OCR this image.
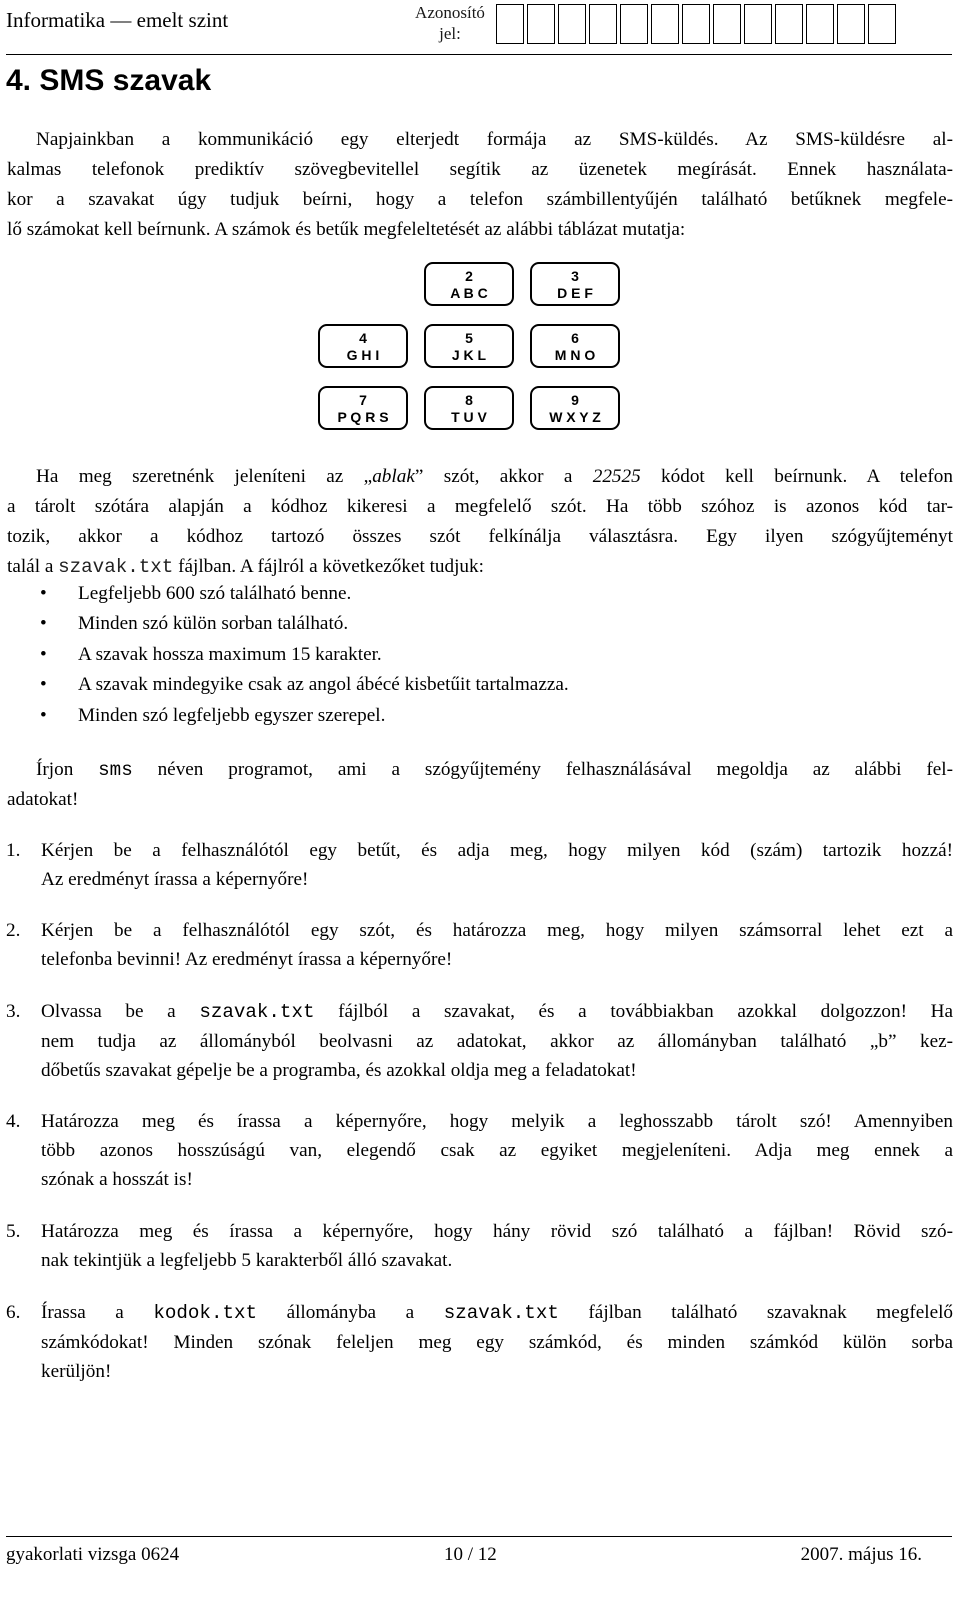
Informatika — emelt szint	Azonosító
jel:
4. SMS szavak
Napjainkban a kommunikáció egy elterjedt formája az SMS-küldés. Az SMS-küldésre al-
kalmas telefonok prediktív szövegbevitellel segítik az üzenetek megírását. Ennek használata-
kor a szavakat úgy tudjuk beírni, hogy a telefon számbillentyűjén található betűknek megfele-
lő számokat kell beírnunk. A számok és betűk megfeleltetését az alábbi táblázat mutatja:
2
A B C
3
D E F
4
G H I
5
J K L
6
M N O
7
P Q R S
8
T U V
9
W X Y Z
Ha meg szeretnénk jeleníteni az „ablak” szót, akkor a 22525 kódot kell beírnunk. A telefon
a tárolt szótára alapján a kódhoz kikeresi a megfelelő szót. Ha több szóhoz is azonos kód tar-
tozik, akkor a kódhoz tartozó összes szót felkínálja választásra. Egy ilyen szógyűjteményt
talál a szavak.txt fájlban. A fájlról a következőket tudjuk:
• Legfeljebb 600 szó található benne.
• Minden szó külön sorban található.
• A szavak hossza maximum 15 karakter.
• A szavak mindegyike csak az angol ábécé kisbetűit tartalmazza.
• Minden szó legfeljebb egyszer szerepel.
Írjon sms néven programot, ami a szógyűjtemény felhasználásával megoldja az alábbi fel-
adatokat!
1. Kérjen be a felhasználótól egy betűt, és adja meg, hogy milyen kód (szám) tartozik hozzá!
Az eredményt írassa a képernyőre!
2. Kérjen be a felhasználótól egy szót, és határozza meg, hogy milyen számsorral lehet ezt a
telefonba bevinni! Az eredményt írassa a képernyőre!
3. Olvassa be a szavak.txt fájlból a szavakat, és a továbbiakban azokkal dolgozzon! Ha
nem tudja az állományból beolvasni az adatokat, akkor az állományban található „b” kez-
dőbetűs szavakat gépelje be a programba, és azokkal oldja meg a feladatokat!
4. Határozza meg és írassa a képernyőre, hogy melyik a leghosszabb tárolt szó! Amennyiben
több azonos hosszúságú van, elegendő csak az egyiket megjeleníteni. Adja meg ennek a
szónak a hosszát is!
5. Határozza meg és írassa a képernyőre, hogy hány rövid szó található a fájlban! Rövid szó-
nak tekintjük a legfeljebb 5 karakterből álló szavakat.
6. Írassa a kodok.txt állományba a szavak.txt fájlban található szavaknak megfelelő
számkódokat! Minden szónak feleljen meg egy számkód, és minden számkód külön sorba
kerüljön!
gyakorlati vizsga 0624	10 / 12	2007. május 16.
